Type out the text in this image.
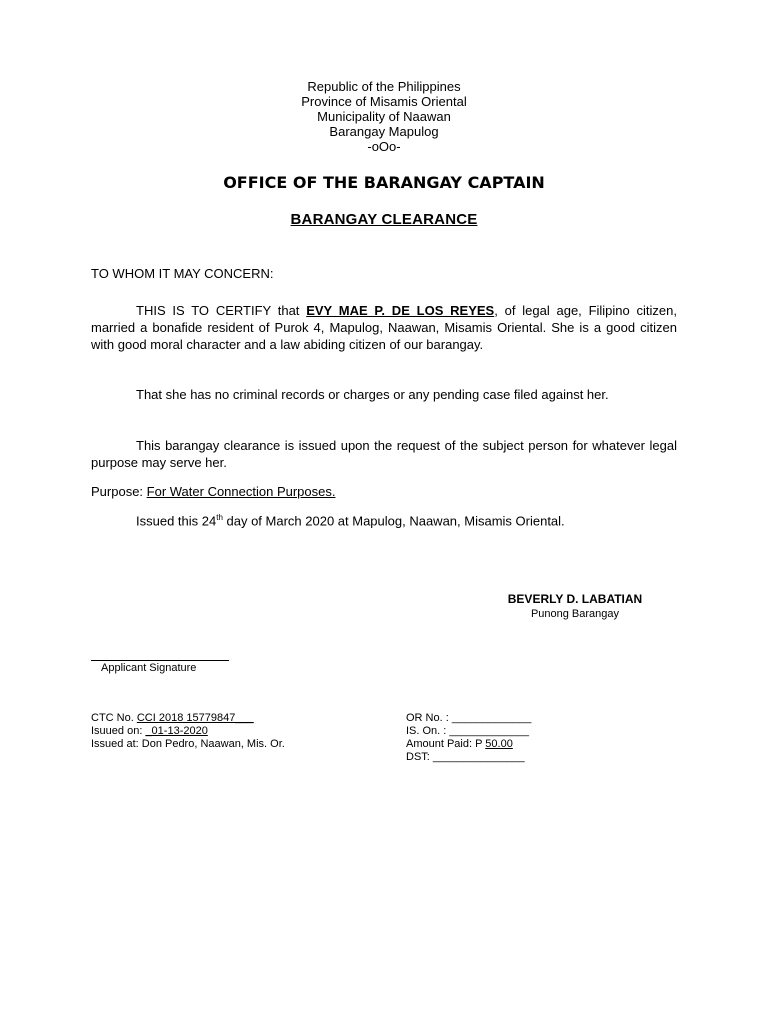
Republic of the Philippines
Province of Misamis Oriental
Municipality of Naawan
Barangay Mapulog
-oOo-
OFFICE OF THE BARANGAY CAPTAIN
BARANGAY CLEARANCE
TO WHOM IT MAY CONCERN:
THIS IS TO CERTIFY that EVY MAE P. DE LOS REYES, of legal age, Filipino citizen, married a bonafide resident of Purok 4, Mapulog, Naawan, Misamis Oriental. She is a good citizen with good moral character and a law abiding citizen of our barangay.
That she has no criminal records or charges or any pending case filed against her.
This barangay clearance is issued upon the request of the subject person for whatever legal purpose may serve her.
Purpose: For Water Connection Purposes.
Issued this 24th day of March 2020 at Mapulog, Naawan, Misamis Oriental.
BEVERLY D. LABATIAN
Punong Barangay
Applicant Signature
CTC No. CCI 2018 15779847___
Isuued on: _01-13-2020
Issued at: Don Pedro, Naawan, Mis. Or.
OR No. : _____________
IS. On. : _____________
Amount Paid: P 50.00
DST: _______________
